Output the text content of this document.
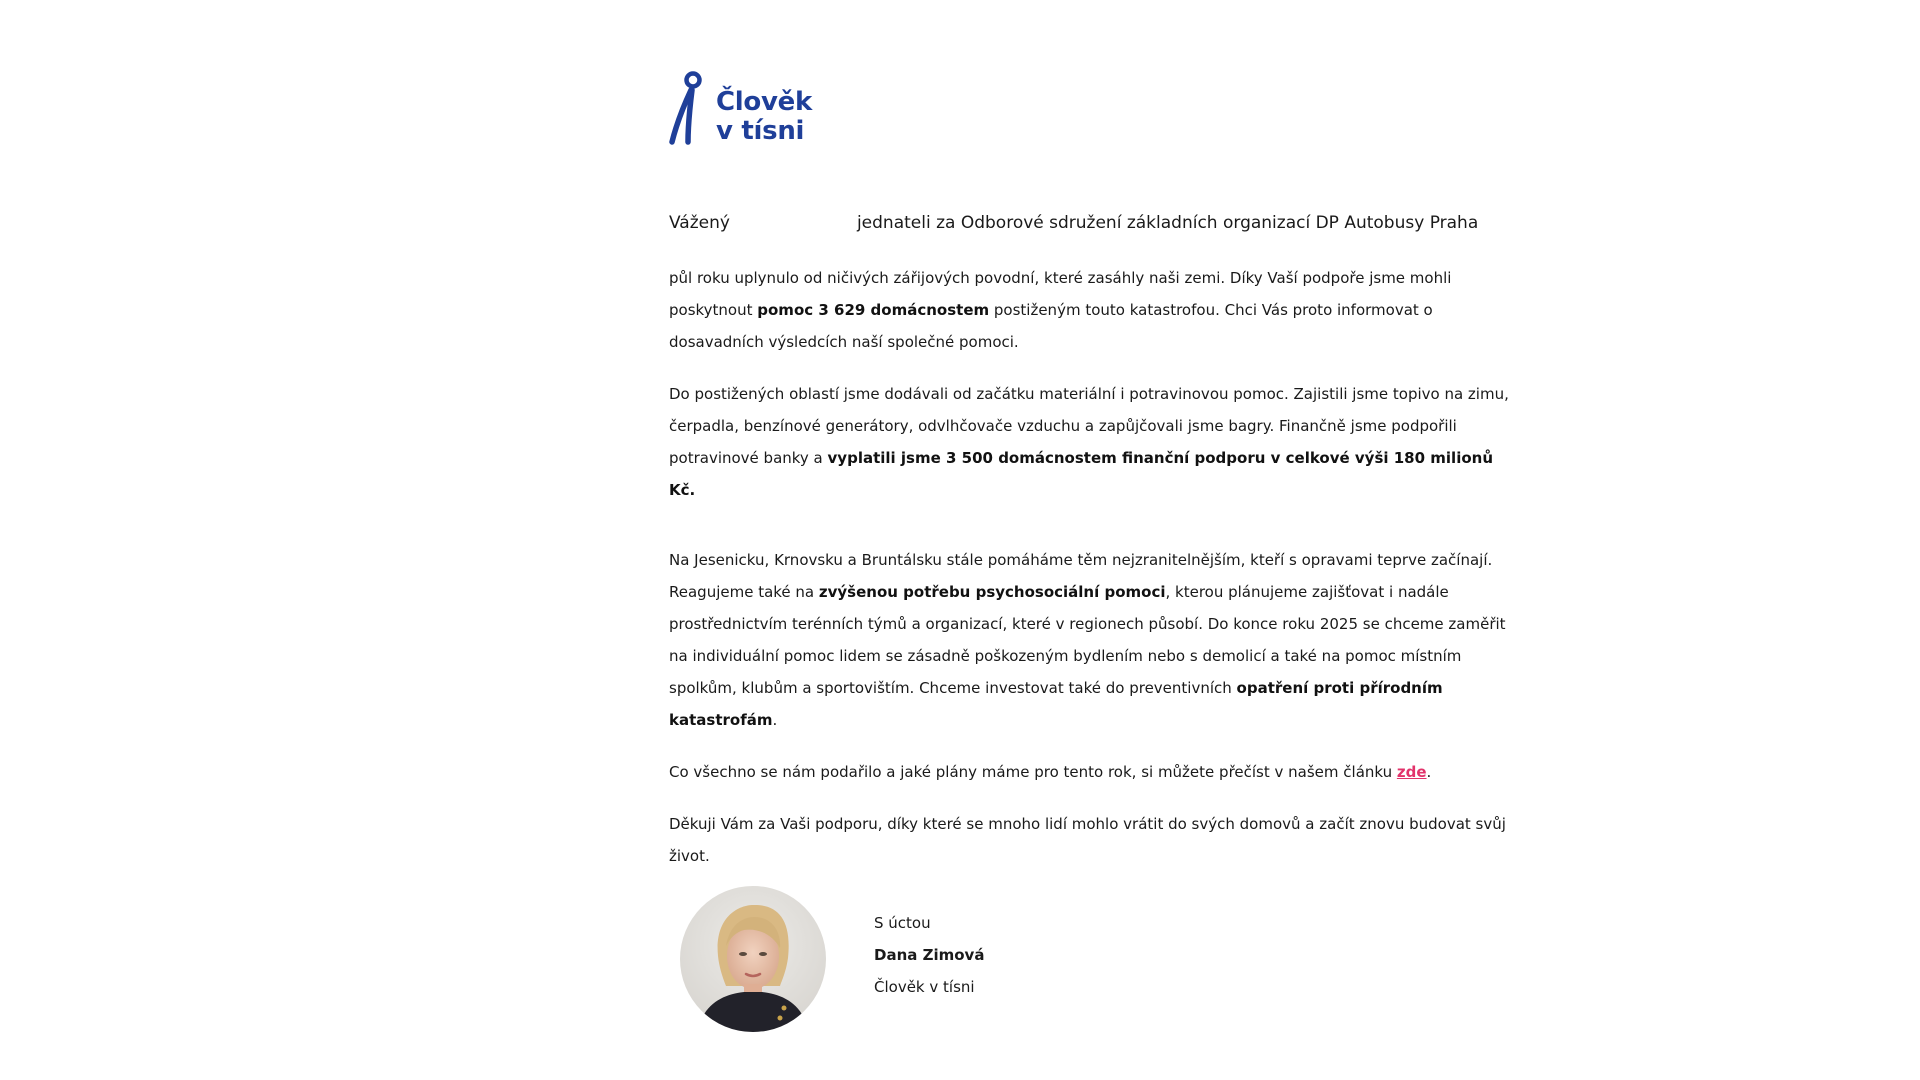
Člověk
v tísni
Vážený	jednateli za Odborové sdružení základních organizací DP Autobusy Praha

půl roku uplynulo od ničivých zářijových povodní, které zasáhly naši zemi. Díky Vaší podpoře jsme mohli poskytnout pomoc 3 629 domácnostem postiženým touto katastrofou. Chci Vás proto informovat o dosavadních výsledcích naší společné pomoci.

Do postižených oblastí jsme dodávali od začátku materiální i potravinovou pomoc. Zajistili jsme topivo na zimu, čerpadla, benzínové generátory, odvlhčovače vzduchu a zapůjčovali jsme bagry. Finančně jsme podpořili potravinové banky a vyplatili jsme 3 500 domácnostem finanční podporu v celkové výši 180 milionů Kč.

Na Jesenicku, Krnovsku a Bruntálsku stále pomáháme těm nejzranitelnějším, kteří s opravami teprve začínají. Reagujeme také na zvýšenou potřebu psychosociální pomoci, kterou plánujeme zajišťovat i nadále prostřednictvím terénních týmů a organizací, které v regionech působí. Do konce roku 2025 se chceme zaměřit na individuální pomoc lidem se zásadně poškozeným bydlením nebo s demolicí a také na pomoc místním spolkům, klubům a sportovištím. Chceme investovat také do preventivních opatření proti přírodním katastrofám.

Co všechno se nám podařilo a jaké plány máme pro tento rok, si můžete přečíst v našem článku zde.

Děkuji Vám za Vaši podporu, díky které se mnoho lidí mohlo vrátit do svých domovů a začít znovu budovat svůj život.

S úctou
Dana Zimová
Člověk v tísni
